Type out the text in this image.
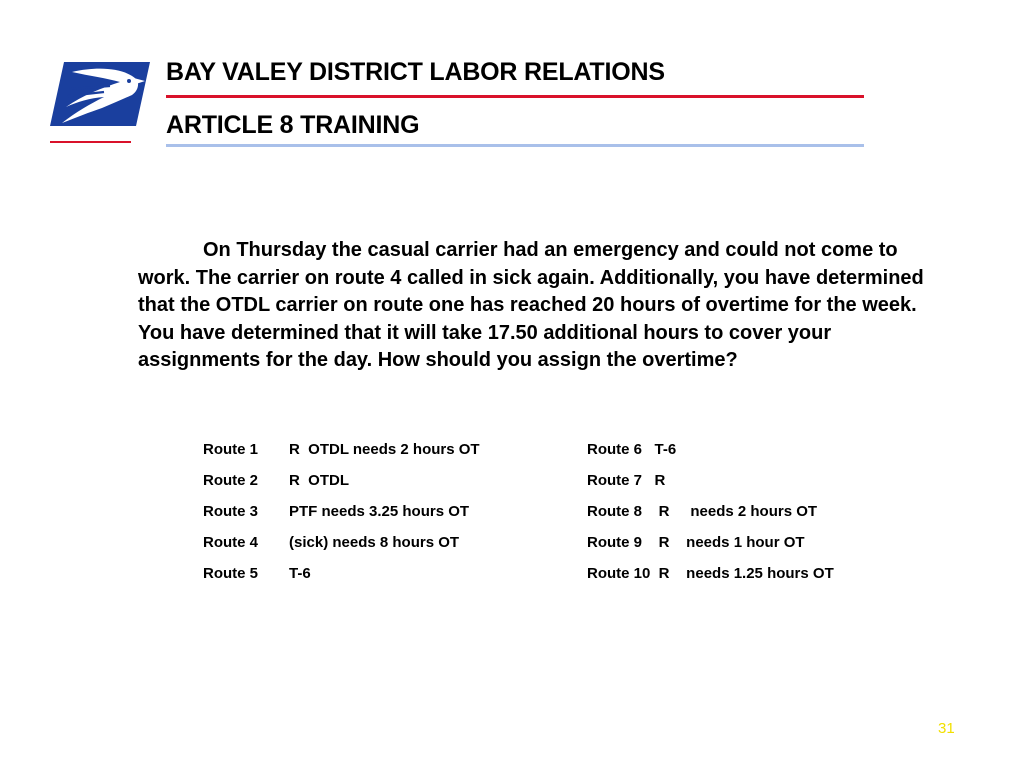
BAY VALEY DISTRICT LABOR RELATIONS
ARTICLE 8 TRAINING

On Thursday the casual carrier had an emergency and could not come to work. The carrier on route 4 called in sick again. Additionally, you have determined that the OTDL carrier on route one has reached 20 hours of overtime for the week. You have determined that it will take 17.50 additional hours to cover your assignments for the day. How should you assign the overtime?

Route 1	R  OTDL needs 2 hours OT	Route 6   T-6
Route 2	R  OTDL	Route 7   R
Route 3	PTF needs 3.25 hours OT	Route 8    R     needs 2 hours OT
Route 4	(sick) needs 8 hours OT	Route 9    R    needs 1 hour OT
Route 5	T-6	Route 10  R    needs 1.25 hours OT
31
